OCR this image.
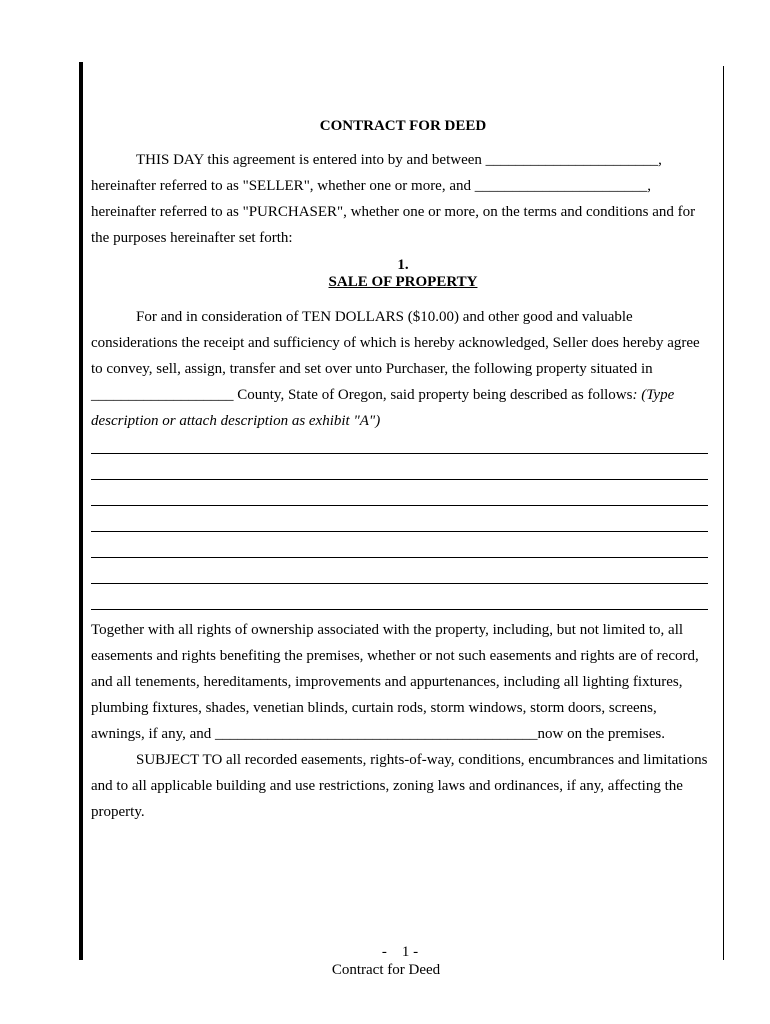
CONTRACT FOR DEED
THIS DAY this agreement is entered into by and between _______________________,
hereinafter referred to as "SELLER", whether one or more, and _______________________,
hereinafter referred to as "PURCHASER", whether one or more, on the terms and conditions and for
the purposes hereinafter set forth:
1.
SALE OF PROPERTY
For and in consideration of TEN DOLLARS ($10.00) and other good and valuable
considerations the receipt and sufficiency of which is hereby acknowledged, Seller does hereby agree
to convey, sell, assign, transfer and set over unto Purchaser, the following property situated in
___________________ County, State of Oregon, said property being described as follows: (Type
description or attach description as exhibit "A")
Together with all rights of ownership associated with the property, including, but not limited to, all
easements and rights benefiting the premises, whether or not such easements and rights are of record,
and all tenements, hereditaments, improvements and appurtenances, including all lighting fixtures,
plumbing fixtures, shades, venetian blinds, curtain rods, storm windows, storm doors, screens,
awnings, if any, and ___________________________________________now on the premises.
SUBJECT TO all recorded easements, rights-of-way, conditions, encumbrances and limitations
and to all applicable building and use restrictions, zoning laws and ordinances, if any, affecting the
property.
-    1 -
Contract for Deed
